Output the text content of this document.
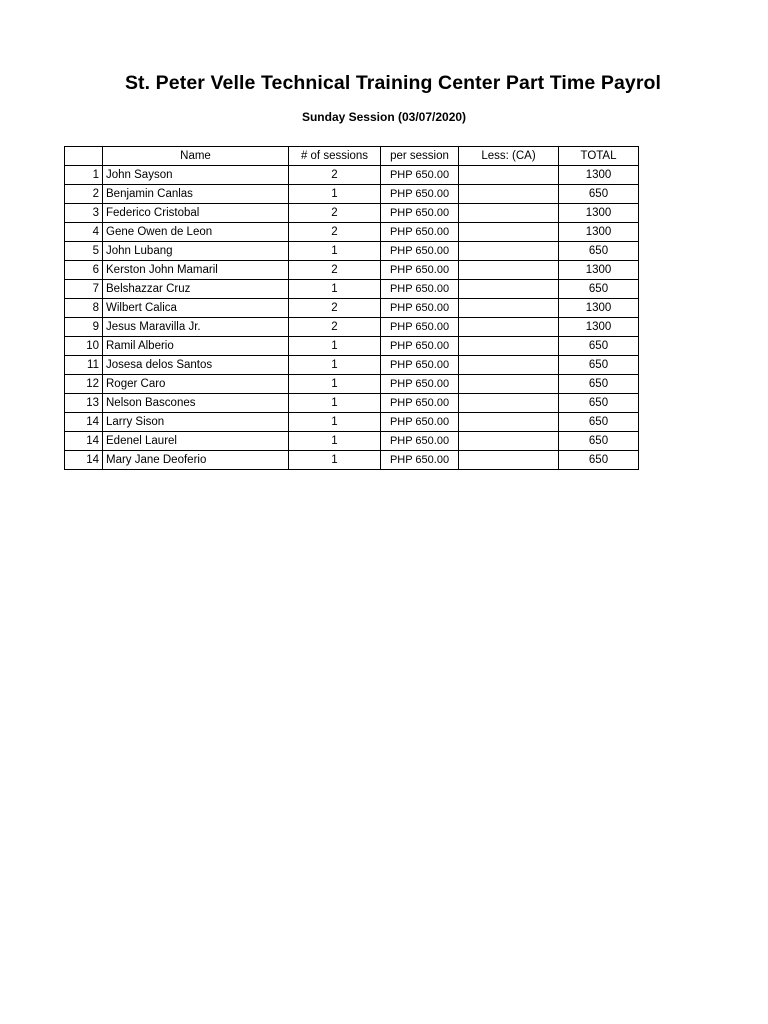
St. Peter Velle Technical Training Center Part Time Payrol
Sunday Session (03/07/2020)
	Name	# of sessions	per session	Less: (CA)	TOTAL
1	John Sayson	2	PHP 650.00		1300
2	Benjamin Canlas	1	PHP 650.00		650
3	Federico Cristobal	2	PHP 650.00		1300
4	Gene Owen de Leon	2	PHP 650.00		1300
5	John Lubang	1	PHP 650.00		650
6	Kerston John Mamaril	2	PHP 650.00		1300
7	Belshazzar Cruz	1	PHP 650.00		650
8	Wilbert Calica	2	PHP 650.00		1300
9	Jesus Maravilla Jr.	2	PHP 650.00		1300
10	Ramil Alberio	1	PHP 650.00		650
11	Josesa delos Santos	1	PHP 650.00		650
12	Roger Caro	1	PHP 650.00		650
13	Nelson Bascones	1	PHP 650.00		650
14	Larry Sison	1	PHP 650.00		650
14	Edenel Laurel	1	PHP 650.00		650
14	Mary Jane Deoferio	1	PHP 650.00		650
